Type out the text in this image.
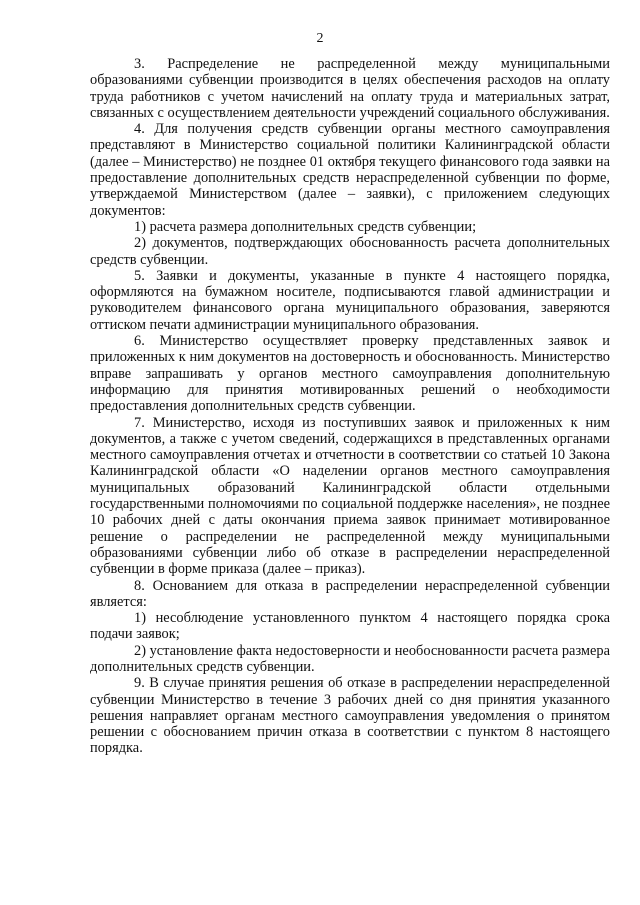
2

3. Распределение не распределенной между муниципальными образованиями субвенции производится в целях обеспечения расходов на оплату труда работников с учетом начислений на оплату труда и материальных затрат, связанных с осуществлением деятельности учреждений социального обслуживания.

4. Для получения средств субвенции органы местного самоуправления представляют в Министерство социальной политики Калининградской области (далее – Министерство) не позднее 01 октября текущего финансового года заявки на предоставление дополнительных средств нераспределенной субвенции по форме, утверждаемой Министерством (далее – заявки), с приложением следующих документов:

1) расчета размера дополнительных средств субвенции;

2) документов, подтверждающих обоснованность расчета дополнительных средств субвенции.

5. Заявки и документы, указанные в пункте 4 настоящего порядка, оформляются на бумажном носителе, подписываются главой администрации и руководителем финансового органа муниципального образования, заверяются оттиском печати администрации муниципального образования.

6. Министерство осуществляет проверку представленных заявок и приложенных к ним документов на достоверность и обоснованность. Министерство вправе запрашивать у органов местного самоуправления дополнительную информацию для принятия мотивированных решений о необходимости предоставления дополнительных средств субвенции.

7. Министерство, исходя из поступивших заявок и приложенных к ним документов, а также с учетом сведений, содержащихся в представленных органами местного самоуправления отчетах и отчетности в соответствии со статьей 10 Закона Калининградской области «О наделении органов местного самоуправления муниципальных образований Калининградской области отдельными государственными полномочиями по социальной поддержке населения», не позднее 10 рабочих дней с даты окончания приема заявок принимает мотивированное решение о распределении не распределенной между муниципальными образованиями субвенции либо об отказе в распределении нераспределенной субвенции в форме приказа (далее – приказ).

8. Основанием для отказа в распределении нераспределенной субвенции является:

1) несоблюдение установленного пунктом 4 настоящего порядка срока подачи заявок;

2) установление факта недостоверности и необоснованности расчета размера дополнительных средств субвенции.

9. В случае принятия решения об отказе в распределении нераспределенной субвенции Министерство в течение 3 рабочих дней со дня принятия указанного решения направляет органам местного самоуправления уведомления о принятом решении с обоснованием причин отказа в соответствии с пунктом 8 настоящего порядка.
